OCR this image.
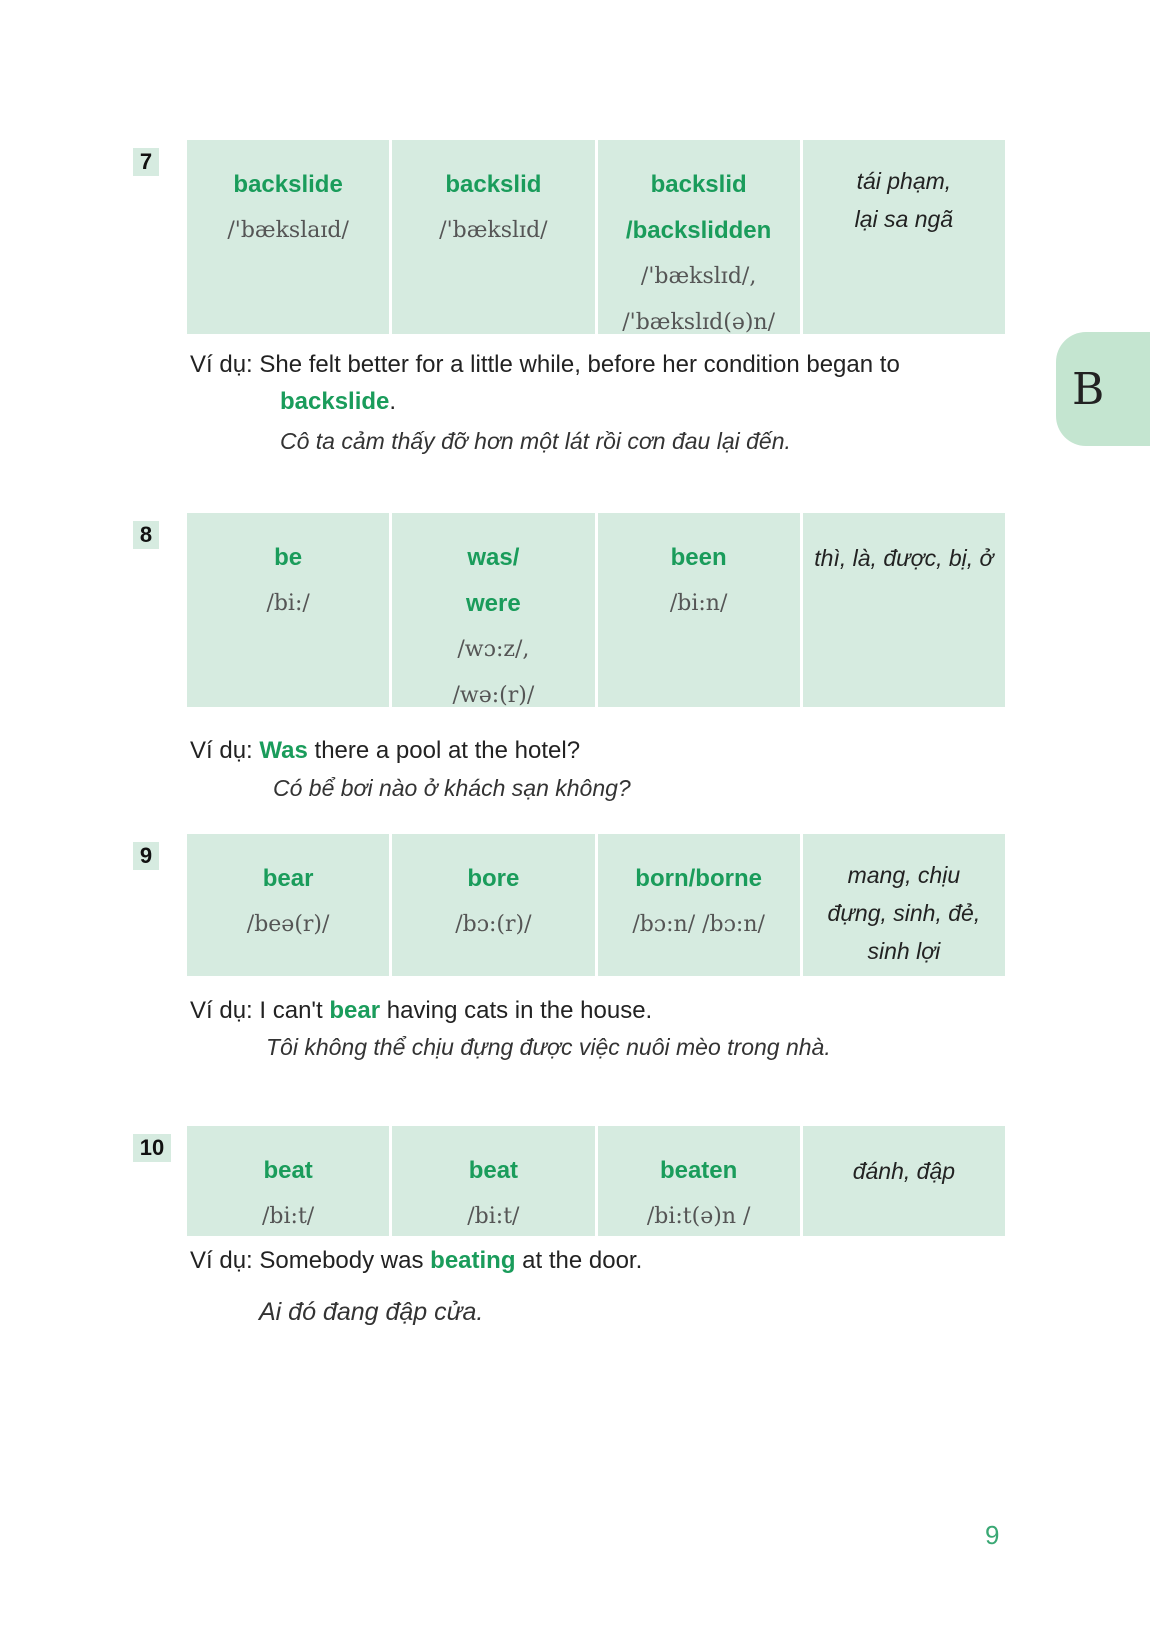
B
7
backslide
/'bækslaɪd/
backslid
/'bækslɪd/
backslid
/backslidden
/'bækslɪd/,
/'bækslɪd(ə)n/
tái phạm,
lại sa ngã
Ví dụ: She felt better for a little while, before her condition began to
backslide.
Cô ta cảm thấy đỡ hơn một lát rồi cơn đau lại đến.
8
be
/bi:/
was/
were
/wɔ:z/,
/wə:(r)/
been
/bi:n/
thì, là, được, bị, ở
Ví dụ: Was there a pool at the hotel?
Có bể bơi nào ở khách sạn không?
9
bear
/beə(r)/
bore
/bɔ:(r)/
born/borne
/bɔ:n/ /bɔ:n/
mang, chịu
đựng, sinh, đẻ,
sinh lợi
Ví dụ: I can't bear having cats in the house.
Tôi không thể chịu đựng được việc nuôi mèo trong nhà.
10
beat
/bi:t/
beat
/bi:t/
beaten
/bi:t(ə)n /
đánh, đập
Ví dụ: Somebody was beating at the door.
Ai đó đang đập cửa.
9
